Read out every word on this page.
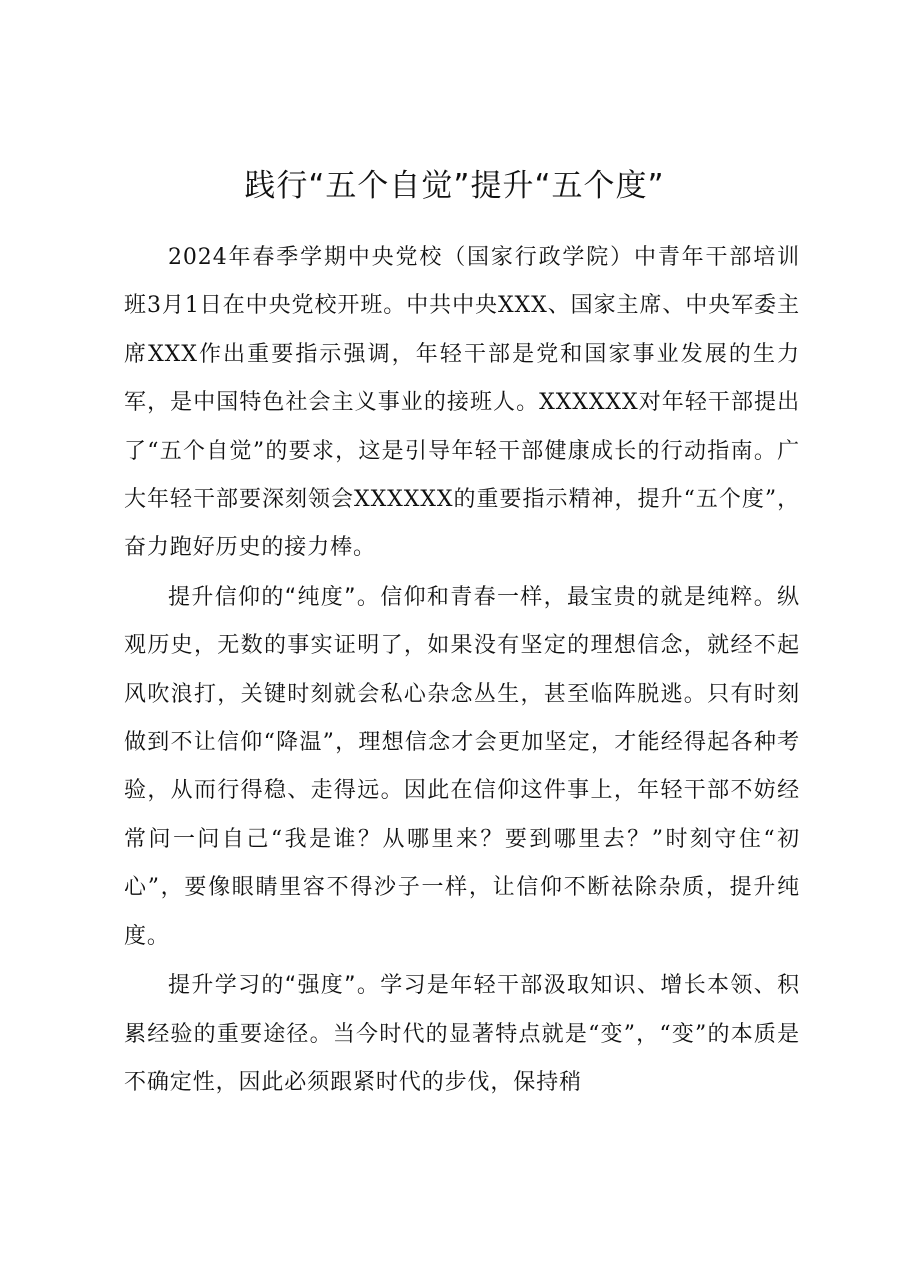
践行“五个自觉”提升“五个度”

2024年春季学期中央党校（国家行政学院）中青年干部培训班3月1日在中央党校开班。中共中央XXX、国家主席、中央军委主席XXX作出重要指示强调，年轻干部是党和国家事业发展的生力军，是中国特色社会主义事业的接班人。XXXXXX对年轻干部提出了“五个自觉”的要求，这是引导年轻干部健康成长的行动指南。广大年轻干部要深刻领会XXXXXX的重要指示精神，提升“五个度”，奋力跑好历史的接力棒。

提升信仰的“纯度”。信仰和青春一样，最宝贵的就是纯粹。纵观历史，无数的事实证明了，如果没有坚定的理想信念，就经不起风吹浪打，关键时刻就会私心杂念丛生，甚至临阵脱逃。只有时刻做到不让信仰“降温”，理想信念才会更加坚定，才能经得起各种考验，从而行得稳、走得远。因此在信仰这件事上，年轻干部不妨经常问一问自己“我是谁？从哪里来？要到哪里去？”时刻守住“初心”，要像眼睛里容不得沙子一样，让信仰不断祛除杂质，提升纯度。

提升学习的“强度”。学习是年轻干部汲取知识、增长本领、积累经验的重要途径。当今时代的显著特点就是“变”，“变”的本质是不确定性，因此必须跟紧时代的步伐，保持稍
